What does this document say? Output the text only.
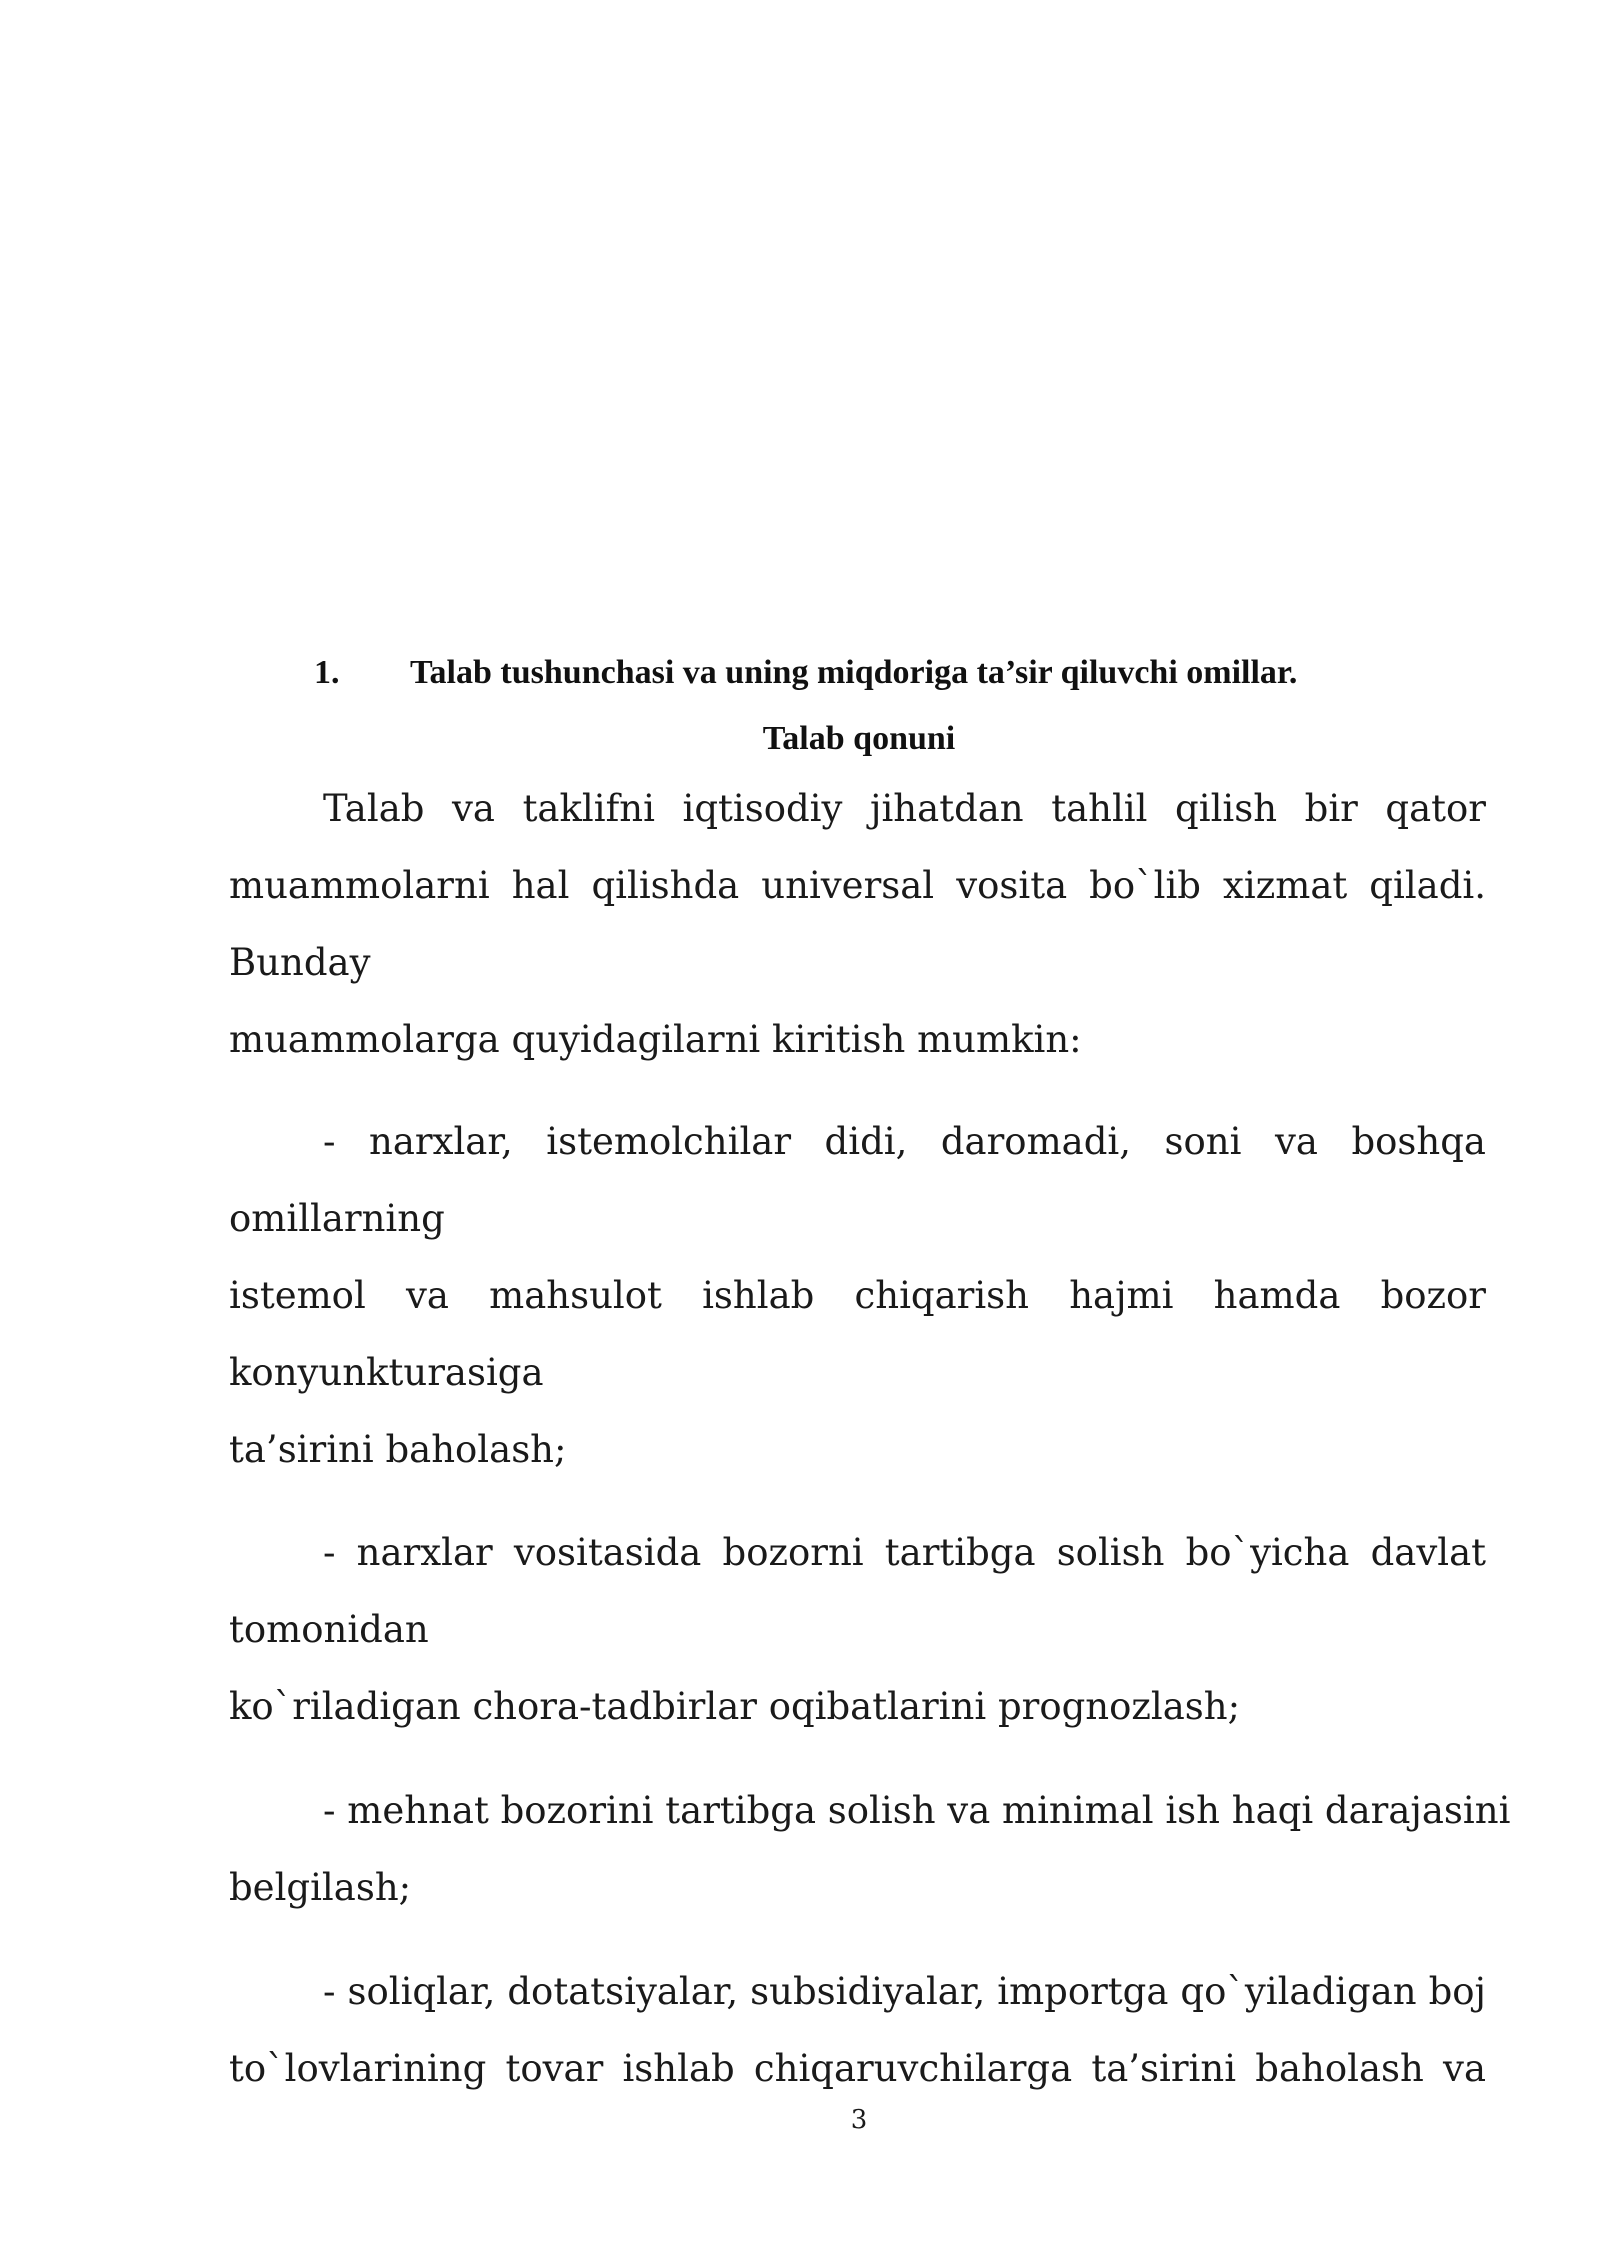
1. Talab tushunchasi va uning miqdoriga ta’sir qiluvchi omillar.
Talab qonuni
Talab va taklifni iqtisodiy jihatdan tahlil qilish bir qator
muammolarni hal qilishda universal vosita bo`lib xizmat qiladi.
Bunday
muammolarga quyidagilarni kiritish mumkin:
- narxlar, istemolchilar didi, daromadi, soni va boshqa
omillarning
istemol va mahsulot ishlab chiqarish hajmi hamda bozor
konyunkturasiga
ta’sirini baholash;
- narxlar vositasida bozorni tartibga solish bo`yicha davlat
tomonidan
ko`riladigan chora-tadbirlar oqibatlarini prognozlash;
- mehnat bozorini tartibga solish va minimal ish haqi darajasini
belgilash;
- soliqlar, dotatsiyalar, subsidiyalar, importga qo`yiladigan boj
to`lovlarining tovar ishlab chiqaruvchilarga ta’sirini baholash va
3
